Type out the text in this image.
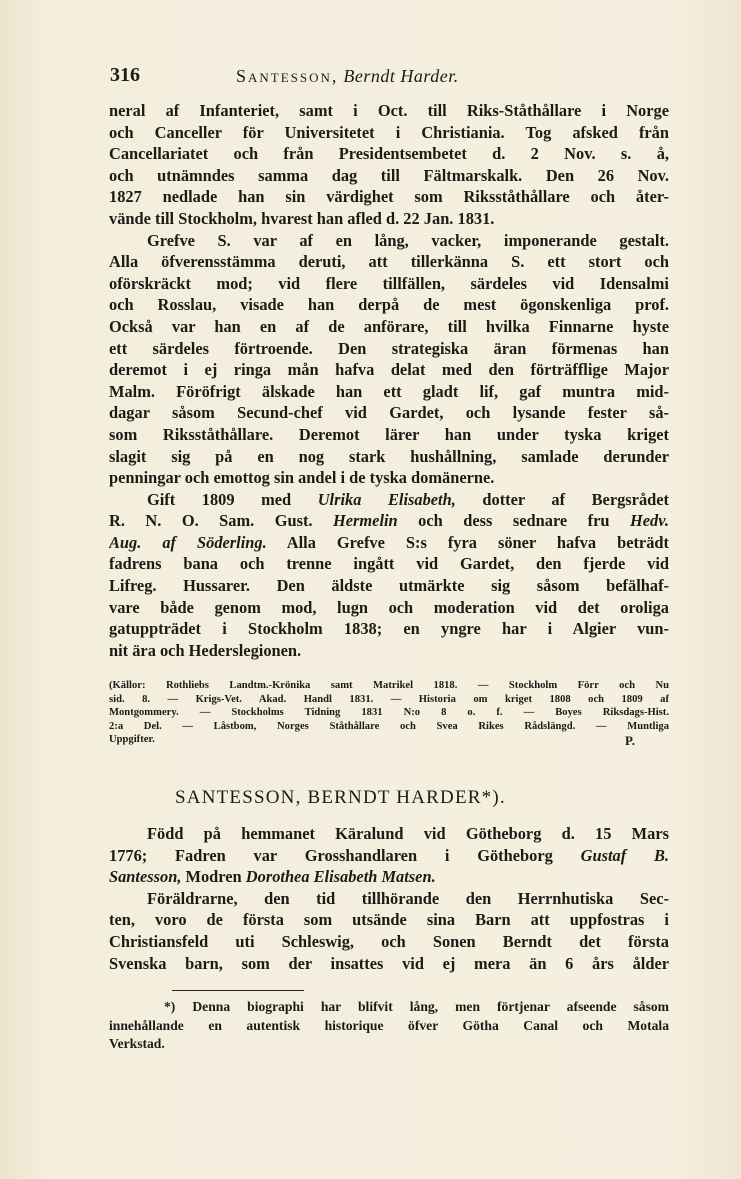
316	Santesson, Berndt Harder.
neral af Infanteriet, samt i Oct. till Riks-Ståthållare i Norge
och Canceller för Universitetet i Christiania. Tog afsked från
Cancellariatet och från Presidentsembetet d. 2 Nov. s. å,
och utnämndes samma dag till Fältmarskalk. Den 26 Nov.
1827 nedlade han sin värdighet som Riksståthållare och åter-
vände till Stockholm, hvarest han afled d. 22 Jan. 1831.
Grefve S. var af en lång, vacker, imponerande gestalt.
Alla öfverensstämma deruti, att tillerkänna S. ett stort och
oförskräckt mod; vid flere tillfällen, särdeles vid Idensalmi
och Rosslau, visade han derpå de mest ögonskenliga prof.
Också var han en af de anförare, till hvilka Finnarne hyste
ett särdeles förtroende. Den strategiska äran förmenas han
deremot i ej ringa mån hafva delat med den förträfflige Major
Malm. Föröfrigt älskade han ett gladt lif, gaf muntra mid-
dagar såsom Secund-chef vid Gardet, och lysande fester så-
som Riksståthållare. Deremot lärer han under tyska kriget
slagit sig på en nog stark hushållning, samlade derunder
penningar och emottog sin andel i de tyska domänerne.
Gift 1809 med Ulrika Elisabeth, dotter af Bergsrådet
R. N. O. Sam. Gust. Hermelin och dess sednare fru Hedv.
Aug. af Söderling. Alla Grefve S:s fyra söner hafva beträdt
fadrens bana och trenne ingått vid Gardet, den fjerde vid
Lifreg. Hussarer. Den äldste utmärkte sig såsom befälhaf-
vare både genom mod, lugn och moderation vid det oroliga
gatuppträdet i Stockholm 1838; en yngre har i Algier vun-
nit ära och Hederslegionen.
(Källor: Rothliebs Landtm.-Krönika samt Matrikel 1818. — Stockholm Förr och Nu
sid. 8. — Krigs-Vet. Akad. Handl 1831. — Historia om kriget 1808 och 1809 af
Montgommery. — Stockholms Tidning 1831 N:o 8 o. f. — Boyes Riksdags-Hist.
2:a Del. — Låstbom, Norges Ståthållare och Svea Rikes Rådslängd. — Muntliga
Uppgifter.	P.
SANTESSON, BERNDT HARDER*).
Född på hemmanet Käralund vid Götheborg d. 15 Mars
1776; Fadren var Grosshandlaren i Götheborg Gustaf B.
Santesson, Modren Dorothea Elisabeth Matsen.
Föräldrarne, den tid tillhörande den Herrnhutiska Sec-
ten, voro de första som utsände sina Barn att uppfostras i
Christiansfeld uti Schleswig, och Sonen Berndt det första
Svenska barn, som der insattes vid ej mera än 6 års ålder
*) Denna biographi har blifvit lång, men förtjenar afseende såsom
innehållande en autentisk historique öfver Götha Canal och Motala
Verkstad.
